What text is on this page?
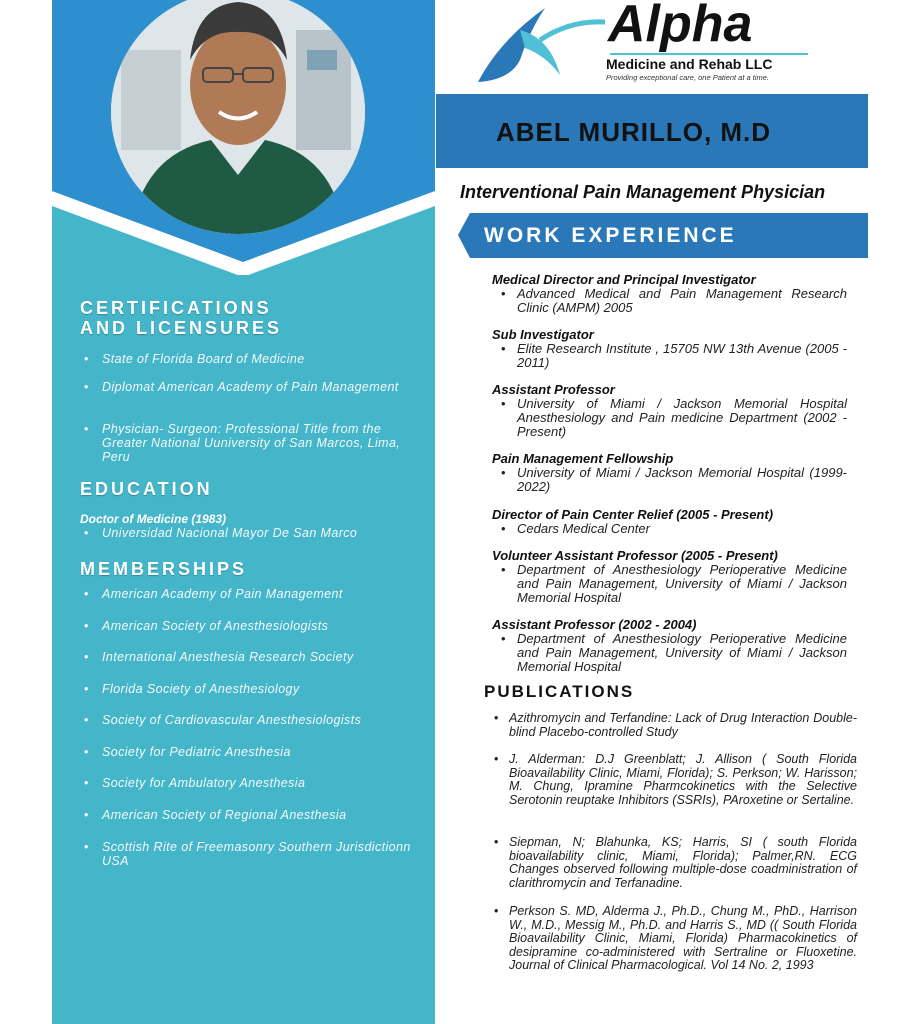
CERTIFICATIONS
AND LICENSURES
• State of Florida Board of Medicine
• Diplomat American Academy of Pain Management
• Physician- Surgeon: Professional Title from the Greater National Uuniversity of San Marcos, Lima, Peru
EDUCATION

Doctor of Medicine (1983)

• Universidad Nacional Mayor De San Marco
MEMBERSHIPS
• American Academy of Pain Management
• American Society of Anesthesiologists
• International Anesthesia Research Society
• Florida Society of Anesthesiology
• Society of Cardiovascular Anesthesiologists
• Society for Pediatric Anesthesia
• Society for Ambulatory Anesthesia
• American Society of Regional Anesthesia
• Scottish Rite of Freemasonry Southern Jurisdictionn USA
Alpha
Medicine and Rehab LLC
Providing exceptional care, one Patient at a time.
ABEL MURILLO, M.D

Interventional Pain Management Physician

WORK EXPERIENCE

Medical Director and Principal Investigator

• Advanced Medical and Pain Management Research Clinic (AMPM) 2005

Sub Investigator

• Elite Research Institute , 15705 NW 13th Avenue (2005 - 2011)

Assistant Professor

• University of Miami / Jackson Memorial Hospital Anesthesiology and Pain medicine Department (2002 - Present)

Pain Management Fellowship

• University of Miami / Jackson Memorial Hospital (1999- 2022)

Director of Pain Center Relief (2005 - Present)

• Cedars Medical Center

Volunteer Assistant Professor (2005 - Present)

• Department of Anesthesiology Perioperative Medicine and Pain Management, University of Miami / Jackson Memorial Hospital

Assistant Professor (2002 - 2004)

• Department of Anesthesiology Perioperative Medicine and Pain Management, University of Miami / Jackson Memorial Hospital

PUBLICATIONS

• Azithromycin and Terfandine: Lack of Drug Interaction Double-blind Placebo-controlled Study

• J. Alderman: D.J Greenblatt; J. Allison ( South Florida Bioavailability Clinic, Miami, Florida); S. Perkson; W. Harisson; M. Chung, Ipramine Pharmcokinetics with the Selective Serotonin reuptake Inhibitors (SSRIs), PAroxetine or Sertaline.

• Siepman, N; Blahunka, KS; Harris, SI ( south Florida bioavailability clinic, Miami, Florida); Palmer,RN. ECG Changes observed following multiple-dose coadministration of clarithromycin and Terfanadine.

• Perkson S. MD, Alderma J., Ph.D., Chung M., PhD., Harrison W., M.D., Messig M., Ph.D. and Harris S., MD (( South Florida Bioavailability Clinic, Miami, Florida) Pharmacokinetics of desipramine co-administered with Sertraline or Fluoxetine. Journal of Clinical Pharmacological. Vol 14 No. 2, 1993
